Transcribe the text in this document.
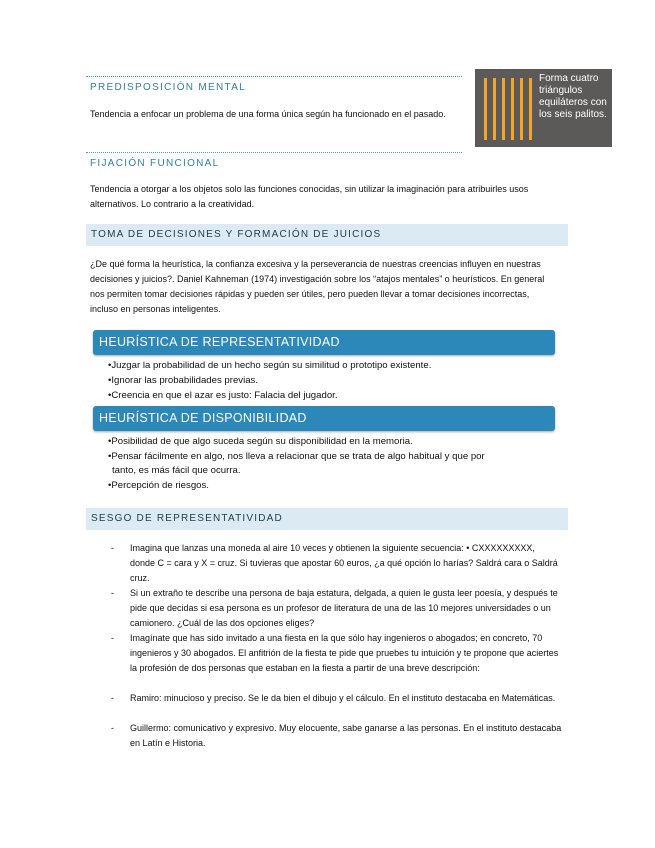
PREDISPOSICIÓN MENTAL
Tendencia a enfocar un problema de una forma única según ha funcionado en el pasado.
Forma cuatro triángulos equiláteros con los seis palitos.
FIJACIÓN FUNCIONAL
Tendencia a otorgar a los objetos solo las funciones conocidas, sin utilizar la imaginación para atribuirles usos alternativos. Lo contrario a la creatividad.
TOMA DE DECISIONES Y FORMACIÓN DE JUICIOS
¿De qué forma la heurística, la confianza excesiva y la perseverancia de nuestras creencias influyen en nuestras decisiones y juicios?. Daniel Kahneman (1974) investigación sobre los “atajos mentales” o heurísticos. En general nos permiten tomar decisiones rápidas y pueden ser útiles, pero pueden llevar a tomar decisiones incorrectas, incluso en personas inteligentes.
HEURÍSTICA DE REPRESENTATIVIDAD
•Juzgar la probabilidad de un hecho según su similitud o prototipo existente.
•Ignorar las probabilidades previas.
•Creencia en que el azar es justo: Falacia del jugador.
HEURÍSTICA DE DISPONIBILIDAD
•Posibilidad de que algo suceda según su disponibilidad en la memoria.
•Pensar fácilmente en algo, nos lleva a relacionar que se trata de algo habitual y que por
tanto, es más fácil que ocurra.
•Percepción de riesgos.
SESGO DE REPRESENTATIVIDAD
- Imagina que lanzas una moneda al aire 10 veces y obtienen la siguiente secuencia: • CXXXXXXXXX, donde C = cara y X = cruz. Si tuvieras que apostar 60 euros, ¿a qué opción lo harías? Saldrá cara o Saldrá cruz.
- Si un extraño te describe una persona de baja estatura, delgada, a quien le gusta leer poesía, y después te pide que decidas si esa persona es un profesor de literatura de una de las 10 mejores universidades o un camionero. ¿Cuál de las dos opciones eliges?
- Imagínate que has sido invitado a una fiesta en la que sólo hay ingenieros o abogados; en concreto, 70 ingenieros y 30 abogados. El anfitrión de la fiesta te pide que pruebes tu intuición y te propone que aciertes la profesión de dos personas que estaban en la fiesta a partir de una breve descripción:
- Ramiro: minucioso y preciso. Se le da bien el dibujo y el cálculo. En el instituto destacaba en Matemáticas.
- Guillermo: comunicativo y expresivo. Muy elocuente, sabe ganarse a las personas. En el instituto destacaba en Latín e Historia.
